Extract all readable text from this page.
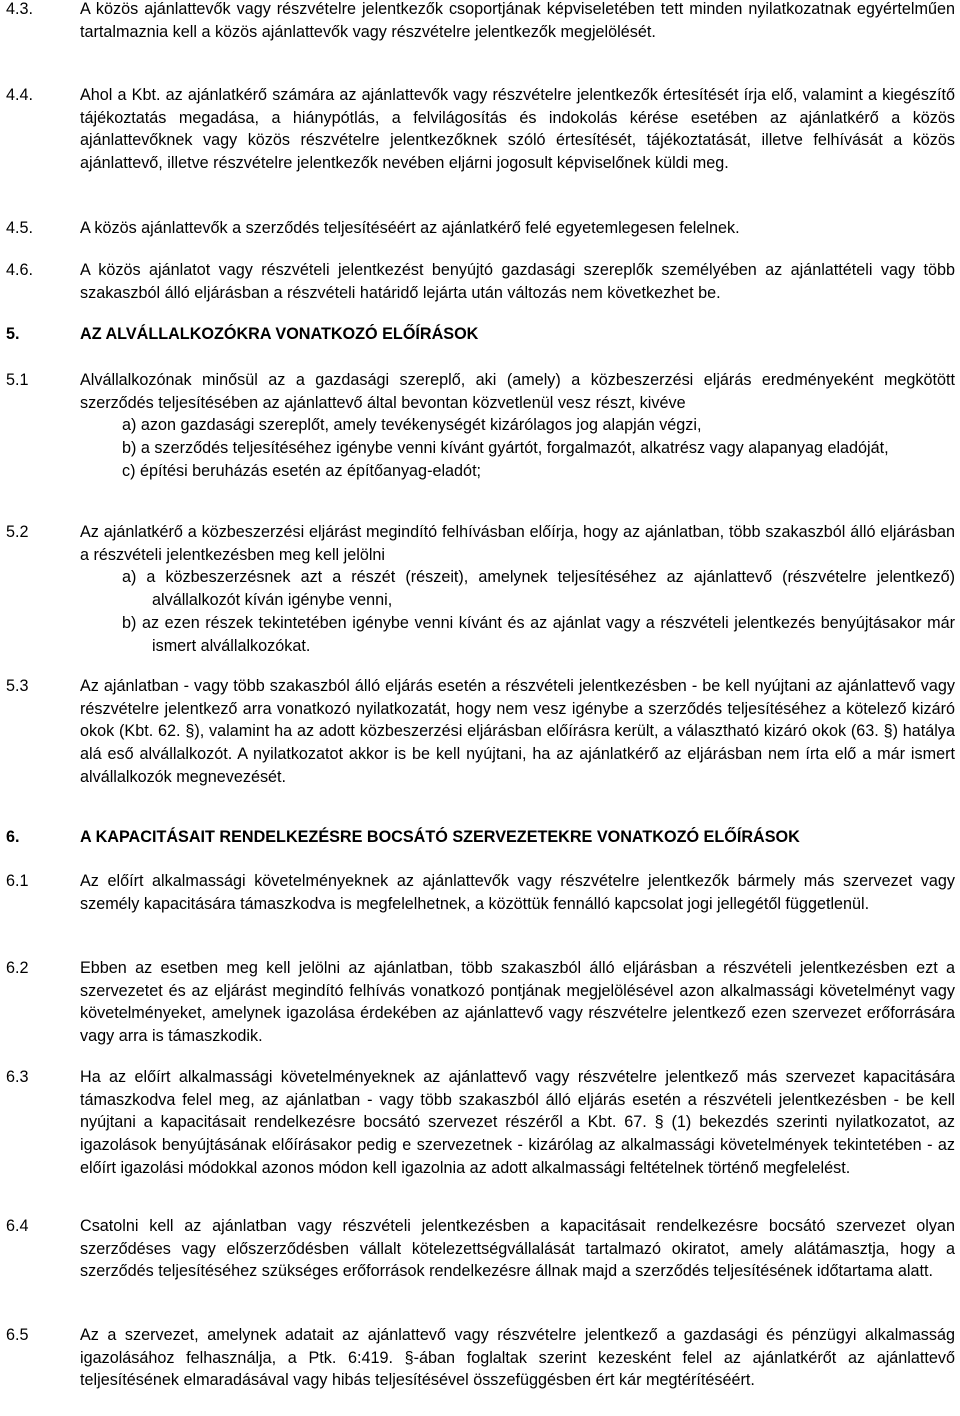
4.3.	A közös ajánlattevők vagy részvételre jelentkezők csoportjának képviseletében tett minden nyilatkozatnak egyértelműen tartalmaznia kell a közös ajánlattevők vagy részvételre jelentkezők megjelölését.
4.4.	Ahol a Kbt. az ajánlatkérő számára az ajánlattevők vagy részvételre jelentkezők értesítését írja elő, valamint a kiegészítő tájékoztatás megadása, a hiánypótlás, a felvilágosítás és indokolás kérése esetében az ajánlatkérő a közös ajánlattevőknek vagy közös részvételre jelentkezőknek szóló értesítését, tájékoztatását, illetve felhívását a közös ajánlattevő, illetve részvételre jelentkezők nevében eljárni jogosult képviselőnek küldi meg.
4.5.	A közös ajánlattevők a szerződés teljesítéséért az ajánlatkérő felé egyetemlegesen felelnek.
4.6.	A közös ajánlatot vagy részvételi jelentkezést benyújtó gazdasági szereplők személyében az ajánlattételi vagy több szakaszból álló eljárásban a részvételi határidő lejárta után változás nem következhet be.
5.	AZ ALVÁLLALKOZÓKRA VONATKOZÓ ELŐÍRÁSOK
5.1	Alvállalkozónak minősül az a gazdasági szereplő, aki (amely) a közbeszerzési eljárás eredményeként megkötött szerződés teljesítésében az ajánlattevő által bevontan közvetlenül vesz részt, kivéve
a) azon gazdasági szereplőt, amely tevékenységét kizárólagos jog alapján végzi,
b) a szerződés teljesítéséhez igénybe venni kívánt gyártót, forgalmazót, alkatrész vagy alapanyag eladóját,
c) építési beruházás esetén az építőanyag-eladót;
5.2	Az ajánlatkérő a közbeszerzési eljárást megindító felhívásban előírja, hogy az ajánlatban, több szakaszból álló eljárásban a részvételi jelentkezésben meg kell jelölni
a) a közbeszerzésnek azt a részét (részeit), amelynek teljesítéséhez az ajánlattevő (részvételre jelentkező) alvállalkozót kíván igénybe venni,
b) az ezen részek tekintetében igénybe venni kívánt és az ajánlat vagy a részvételi jelentkezés benyújtásakor már ismert alvállalkozókat.
5.3	Az ajánlatban - vagy több szakaszból álló eljárás esetén a részvételi jelentkezésben - be kell nyújtani az ajánlattevő vagy részvételre jelentkező arra vonatkozó nyilatkozatát, hogy nem vesz igénybe a szerződés teljesítéséhez a kötelező kizáró okok (Kbt. 62. §), valamint ha az adott közbeszerzési eljárásban előírásra került, a választható kizáró okok (63. §) hatálya alá eső alvállalkozót. A nyilatkozatot akkor is be kell nyújtani, ha az ajánlatkérő az eljárásban nem írta elő a már ismert alvállalkozók megnevezését.
6.	A KAPACITÁSAIT RENDELKEZÉSRE BOCSÁTÓ SZERVEZETEKRE VONATKOZÓ ELŐÍRÁSOK
6.1	Az előírt alkalmassági követelményeknek az ajánlattevők vagy részvételre jelentkezők bármely más szervezet vagy személy kapacitására támaszkodva is megfelelhetnek, a közöttük fennálló kapcsolat jogi jellegétől függetlenül.
6.2	Ebben az esetben meg kell jelölni az ajánlatban, több szakaszból álló eljárásban a részvételi jelentkezésben ezt a szervezetet és az eljárást megindító felhívás vonatkozó pontjának megjelölésével azon alkalmassági követelményt vagy követelményeket, amelynek igazolása érdekében az ajánlattevő vagy részvételre jelentkező ezen szervezet erőforrására vagy arra is támaszkodik.
6.3	Ha az előírt alkalmassági követelményeknek az ajánlattevő vagy részvételre jelentkező más szervezet kapacitására támaszkodva felel meg, az ajánlatban - vagy több szakaszból álló eljárás esetén a részvételi jelentkezésben - be kell nyújtani a kapacitásait rendelkezésre bocsátó szervezet részéről a Kbt. 67. § (1) bekezdés szerinti nyilatkozatot, az igazolások benyújtásának előírásakor pedig e szervezetnek - kizárólag az alkalmassági követelmények tekintetében - az előírt igazolási módokkal azonos módon kell igazolnia az adott alkalmassági feltételnek történő megfelelést.
6.4	Csatolni kell az ajánlatban vagy részvételi jelentkezésben a kapacitásait rendelkezésre bocsátó szervezet olyan szerződéses vagy előszerződésben vállalt kötelezettségvállalását tartalmazó okiratot, amely alátámasztja, hogy a szerződés teljesítéséhez szükséges erőforrások rendelkezésre állnak majd a szerződés teljesítésének időtartama alatt.
6.5	Az a szervezet, amelynek adatait az ajánlattevő vagy részvételre jelentkező a gazdasági és pénzügyi alkalmasság igazolásához felhasználja, a Ptk. 6:419. §-ában foglaltak szerint kezesként felel az ajánlatkérőt az ajánlattevő teljesítésének elmaradásával vagy hibás teljesítésével összefüggésben ért kár megtérítéséért.
